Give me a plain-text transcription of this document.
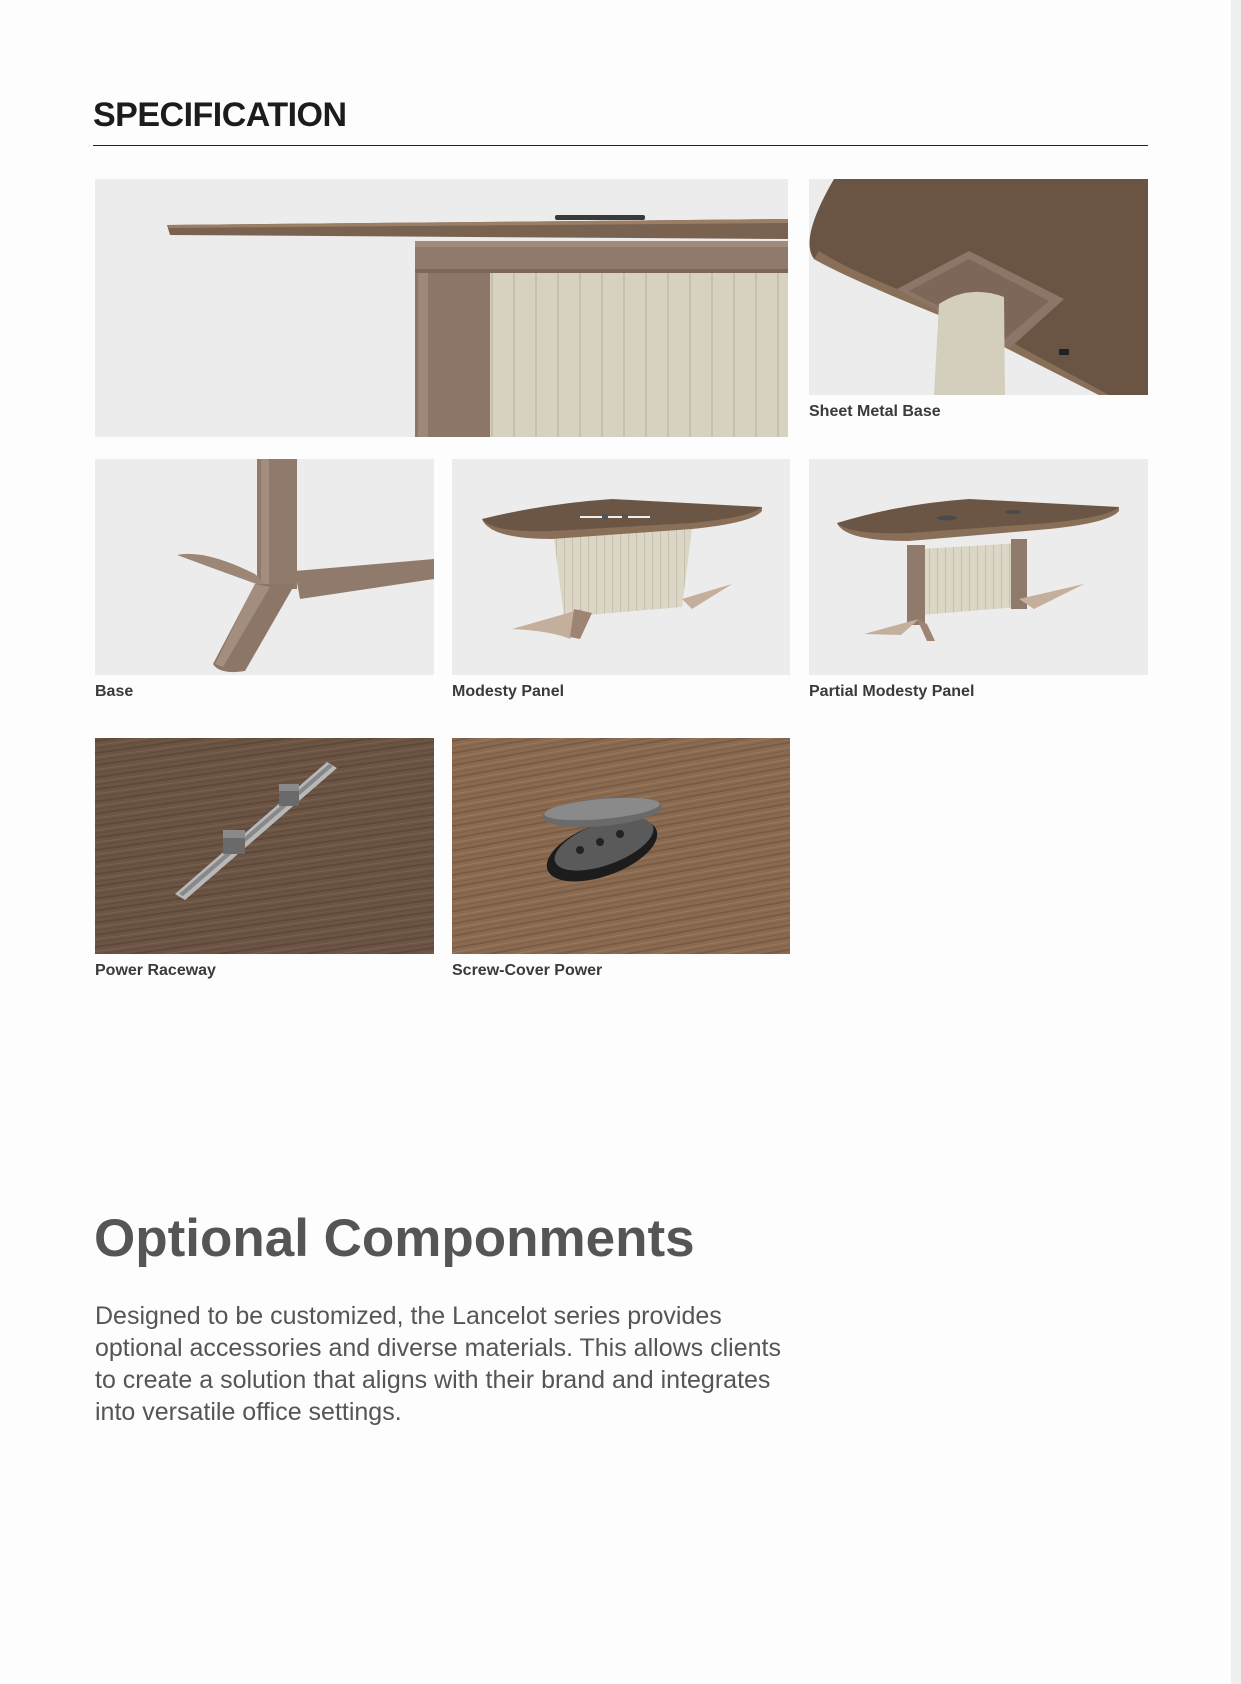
SPECIFICATION
Sheet Metal Base
Base	Modesty Panel	Partial Modesty Panel
Power Raceway	Screw-Cover Power
Optional Componments
Designed to be customized, the Lancelot series provides optional accessories and diverse materials. This allows clients to create a solution that aligns with their brand and integrates into versatile office settings.
